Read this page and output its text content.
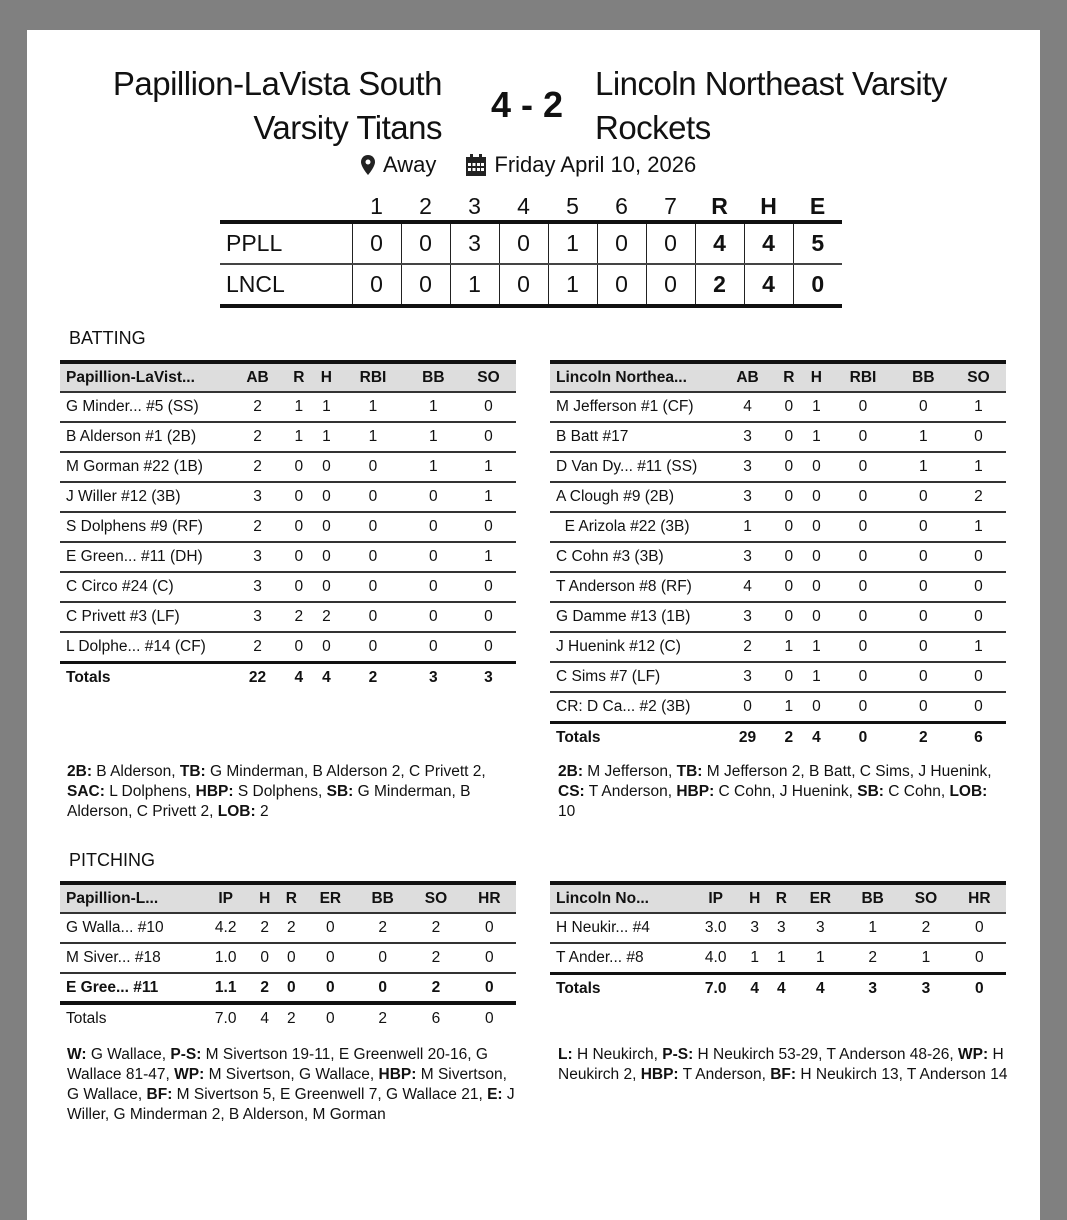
Papillion-LaVista South
Varsity Titans
4 - 2
Lincoln Northeast Varsity
Rockets
Away	Friday April 10, 2026
	1	2	3	4	5	6	7	R	H	E
PPLL	0	0	3	0	1	0	0	4	4	5
LNCL	0	0	1	0	1	0	0	2	4	0
BATTING
Papillion-LaVist...	AB	R	H	RBI	BB	SO
G Minder... #5 (SS)	2	1	1	1	1	0
B Alderson #1 (2B)	2	1	1	1	1	0
M Gorman #22 (1B)	2	0	0	0	1	1
J Willer #12 (3B)	3	0	0	0	0	1
S Dolphens #9 (RF)	2	0	0	0	0	0
E Green... #11 (DH)	3	0	0	0	0	1
C Circo #24 (C)	3	0	0	0	0	0
C Privett #3 (LF)	3	2	2	0	0	0
L Dolphe... #14 (CF)	2	0	0	0	0	0
Totals	22	4	4	2	3	3
Lincoln Northea...	AB	R	H	RBI	BB	SO
M Jefferson #1 (CF)	4	0	1	0	0	1
B Batt #17	3	0	1	0	1	0
D Van Dy... #11 (SS)	3	0	0	0	1	1
A Clough #9 (2B)	3	0	0	0	0	2
E Arizola #22 (3B)	1	0	0	0	0	1
C Cohn #3 (3B)	3	0	0	0	0	0
T Anderson #8 (RF)	4	0	0	0	0	0
G Damme #13 (1B)	3	0	0	0	0	0
J Huenink #12 (C)	2	1	1	0	0	1
C Sims #7 (LF)	3	0	1	0	0	0
CR: D Ca... #2 (3B)	0	1	0	0	0	0
Totals	29	2	4	0	2	6
2B: B Alderson, TB: G Minderman, B Alderson 2, C Privett 2, SAC: L Dolphens, HBP: S Dolphens, SB: G Minderman, B Alderson, C Privett 2, LOB: 2
2B: M Jefferson, TB: M Jefferson 2, B Batt, C Sims, J Huenink, CS: T Anderson, HBP: C Cohn, J Huenink, SB: C Cohn, LOB: 10
PITCHING
Papillion-L...	IP	H	R	ER	BB	SO	HR
G Walla... #10	4.2	2	2	0	2	2	0
M Siver... #18	1.0	0	0	0	0	2	0
E Gree... #11	1.1	2	0	0	0	2	0
Totals	7.0	4	2	0	2	6	0
Lincoln No...	IP	H	R	ER	BB	SO	HR
H Neukir... #4	3.0	3	3	3	1	2	0
T Ander... #8	4.0	1	1	1	2	1	0
Totals	7.0	4	4	4	3	3	0
W: G Wallace, P-S: M Sivertson 19-11, E Greenwell 20-16, G Wallace 81-47, WP: M Sivertson, G Wallace, HBP: M Sivertson, G Wallace, BF: M Sivertson 5, E Greenwell 7, G Wallace 21, E: J Willer, G Minderman 2, B Alderson, M Gorman
L: H Neukirch, P-S: H Neukirch 53-29, T Anderson 48-26, WP: H Neukirch 2, HBP: T Anderson, BF: H Neukirch 13, T Anderson 14
